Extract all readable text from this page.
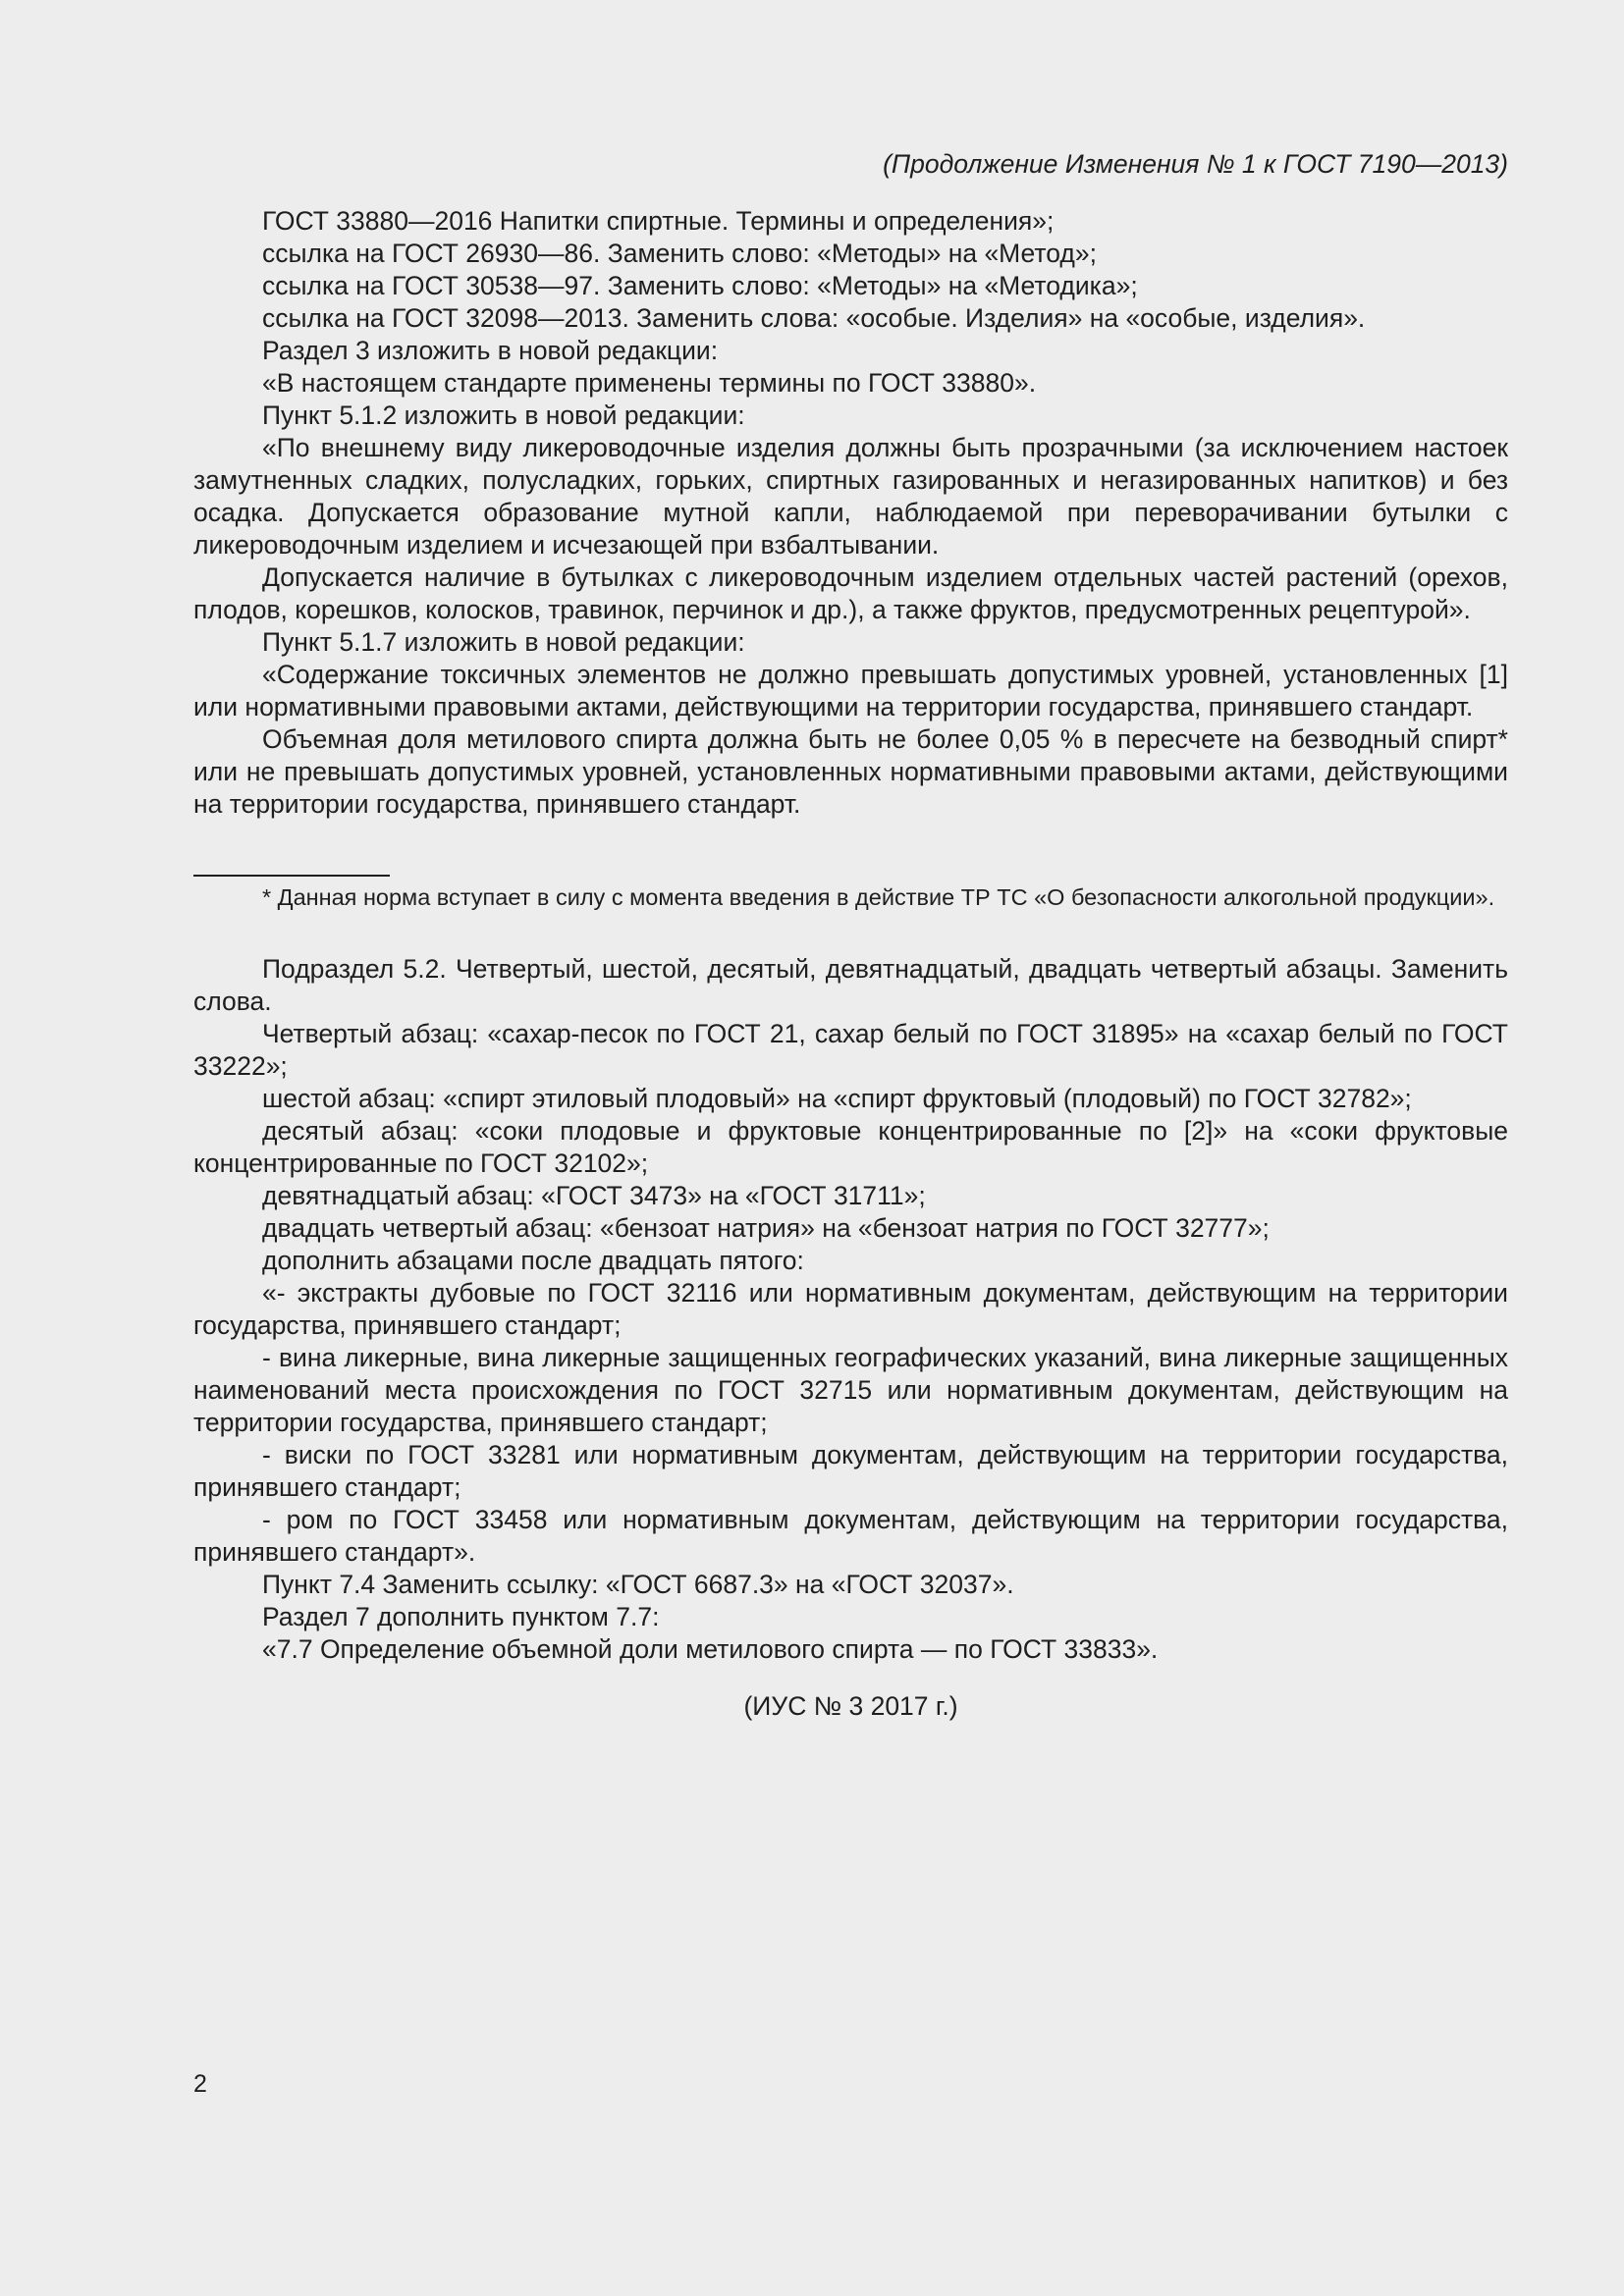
(Продолжение Изменения № 1 к ГОСТ 7190—2013)

ГОСТ 33880—2016 Напитки спиртные. Термины и определения»;

ссылка на ГОСТ 26930—86. Заменить слово: «Методы» на «Метод»;

ссылка на ГОСТ 30538—97. Заменить слово: «Методы» на «Методика»;

ссылка на ГОСТ 32098—2013. Заменить слова: «особые. Изделия» на «особые, изделия».

Раздел 3 изложить в новой редакции:

«В настоящем стандарте применены термины по ГОСТ 33880».

Пункт 5.1.2 изложить в новой редакции:

«По внешнему виду ликероводочные изделия должны быть прозрачными (за исключением настоек замутненных сладких, полусладких, горьких, спиртных газированных и негазированных напитков) и без осадка. Допускается образование мутной капли, наблюдаемой при переворачивании бутылки с ликероводочным изделием и исчезающей при взбалтывании.

Допускается наличие в бутылках с ликероводочным изделием отдельных частей растений (орехов, плодов, корешков, колосков, травинок, перчинок и др.), а также фруктов, предусмотренных рецептурой».

Пункт 5.1.7 изложить в новой редакции:

«Содержание токсичных элементов не должно превышать допустимых уровней, установленных [1] или нормативными правовыми актами, действующими на территории государства, принявшего стандарт.

Объемная доля метилового спирта должна быть не более 0,05 % в пересчете на безводный спирт* или не превышать допустимых уровней, установленных нормативными правовыми актами, действующими на территории государства, принявшего стандарт.

* Данная норма вступает в силу с момента введения в действие ТР ТС «О безопасности алкогольной продукции».

Подраздел 5.2. Четвертый, шестой, десятый, девятнадцатый, двадцать четвертый абзацы. Заменить слова.

Четвертый абзац: «сахар-песок по ГОСТ 21, сахар белый по ГОСТ 31895» на «сахар белый по ГОСТ 33222»;

шестой абзац: «спирт этиловый плодовый» на «спирт фруктовый (плодовый) по ГОСТ 32782»;

десятый абзац: «соки плодовые и фруктовые концентрированные по [2]» на «соки фруктовые концентрированные по ГОСТ 32102»;

девятнадцатый абзац: «ГОСТ 3473» на «ГОСТ 31711»;

двадцать четвертый абзац: «бензоат натрия» на «бензоат натрия по ГОСТ 32777»;

дополнить абзацами после двадцать пятого:

«- экстракты дубовые по ГОСТ 32116 или нормативным документам, действующим на территории государства, принявшего стандарт;

- вина ликерные, вина ликерные защищенных географических указаний, вина ликерные защищенных наименований места происхождения по ГОСТ 32715 или нормативным документам, действующим на территории государства, принявшего стандарт;

- виски по ГОСТ 33281 или нормативным документам, действующим на территории государства, принявшего стандарт;

- ром по ГОСТ 33458 или нормативным документам, действующим на территории государства, принявшего стандарт».

Пункт 7.4 Заменить ссылку: «ГОСТ 6687.3» на «ГОСТ 32037».

Раздел 7 дополнить пунктом 7.7:

«7.7 Определение объемной доли метилового спирта — по ГОСТ 33833».

(ИУС № 3 2017 г.)
2
